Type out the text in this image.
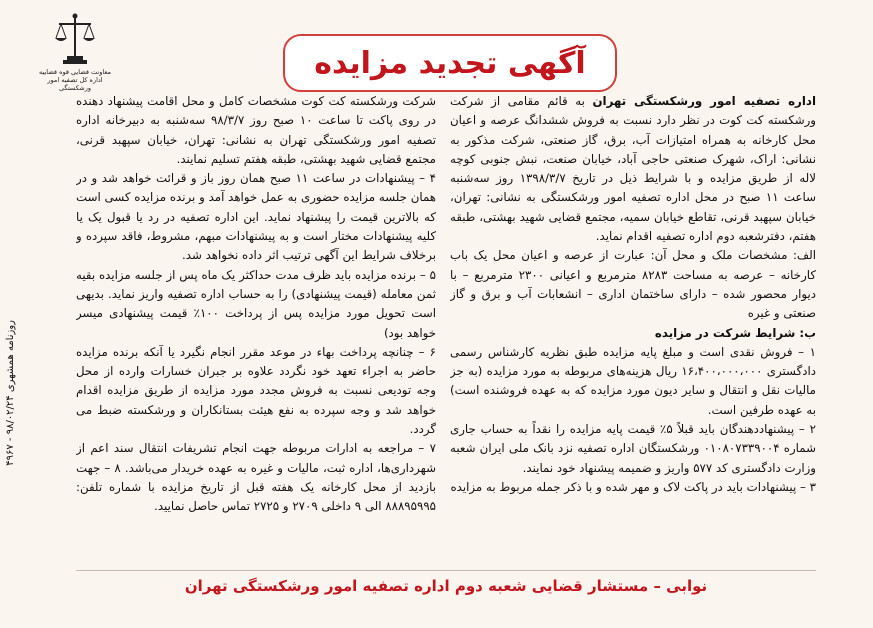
معاونت قضایی قوه قضاییه
اداره کل تصفیه امور ورشکستگی
آگهی تجدید مزایده

اداره تصفیه امور ورشکستگی تهران به قائم مقامی از شرکت ورشکسته کت کوت در نظر دارد نسبت به فروش ششدانگ عرصه و اعیان محل کارخانه به همراه امتیازات آب، برق، گاز صنعتی، شرکت مذکور به نشانی: اراک، شهرک صنعتی حاجی آباد، خیابان صنعت، نبش جنوبی کوچه لاله از طریق مزایده و با شرایط ذیل در تاریخ ۱۳۹۸/۳/۷ روز سه‌شنبه ساعت ۱۱ صبح در محل اداره تصفیه امور ورشکستگی به نشانی: تهران، خیابان سپهبد قرنی، تقاطع خیابان سمیه، مجتمع قضایی شهید بهشتی، طبقه هفتم، دفترشعبه دوم اداره تصفیه اقدام نماید.

الف: مشخصات ملک و محل آن: عبارت از عرصه و اعیان محل یک باب کارخانه – عرصه به مساحت ۸۲۸۳ مترمربع و اعیانی ۲۳۰۰ مترمربع – با دیوار محصور شده – دارای ساختمان اداری – انشعابات آب و برق و گاز صنعتی و غیره

ب: شرایط شرکت در مزایده

۱ – فروش نقدی است و مبلغ پایه مزایده طبق نظریه کارشناس رسمی دادگستری ۱۶،۴۰۰،۰۰۰،۰۰۰ ریال هزینه‌های مربوطه به مورد مزایده (به جز مالیات نقل و انتقال و سایر دیون مورد مزایده که به عهده فروشنده است) به عهده طرفین است.

۲ – پیشنهاددهندگان باید قبلاً ۵٪ قیمت پایه مزایده را نقداً به حساب جاری شماره ۰۱۰۸۰۷۳۳۹۰۰۴ ورشکستگان اداره تصفیه نزد بانک ملی ایران شعبه وزارت دادگستری کد ۵۷۷ واریز و ضمیمه پیشنهاد خود نمایند.

۳ – پیشنهادات باید در پاکت لاک و مهر شده و با ذکر جمله مربوط به مزایده

شرکت ورشکسته کت کوت مشخصات کامل و محل اقامت پیشنهاد دهنده در روی پاکت تا ساعت ۱۰ صبح روز ۹۸/۳/۷ سه‌شنبه به دبیرخانه اداره تصفیه امور ورشکستگی تهران به نشانی: تهران، خیابان سپهبد قرنی، مجتمع قضایی شهید بهشتی، طبقه هفتم تسلیم نمایند.

۴ – پیشنهادات در ساعت ۱۱ صبح همان روز باز و قرائت خواهد شد و در همان جلسه مزایده حضوری به عمل خواهد آمد و برنده مزایده کسی است که بالاترین قیمت را پیشنهاد نماید. این اداره تصفیه در رد یا قبول یک یا کلیه پیشنهادات مختار است و به پیشنهادات مبهم، مشروط، فاقد سپرده و برخلاف شرایط این آگهی ترتیب اثر داده نخواهد شد.

۵ – برنده مزایده باید ظرف مدت حداکثر یک ماه پس از جلسه مزایده بقیه ثمن معامله (قیمت پیشنهادی) را به حساب اداره تصفیه واریز نماید. بدیهی است تحویل مورد مزایده پس از پرداخت ۱۰۰٪ قیمت پیشنهادی میسر خواهد بود)

۶ – چنانچه پرداخت بهاء در موعد مقرر انجام نگیرد یا آنکه برنده مزایده حاضر به اجراء تعهد خود نگردد علاوه بر جبران خسارات وارده از محل وجه تودیعی نسبت به فروش مجدد مورد مزایده از طریق مزایده اقدام خواهد شد و وجه سپرده به نفع هیئت بستانکاران و ورشکسته ضبط می گردد.

۷ – مراجعه به ادارات مربوطه جهت انجام تشریفات انتقال سند اعم از شهرداری‌ها، اداره ثبت، مالیات و غیره به عهده خریدار می‌باشد. ۸ – جهت بازدید از محل کارخانه یک هفته قبل از تاریخ مزایده با شماره تلفن: ۸۸۸۹۵۹۹۵ الی ۹ داخلی ۲۷۰۹ و ۲۷۲۵ تماس حاصل نمایید.

نوابی – مستشار قضایی شعبه دوم اداره تصفیه امور ورشکستگی تهران
روزنامه همشهری ۹۸/۰۲/۲۴ - ۴۹۶۷
